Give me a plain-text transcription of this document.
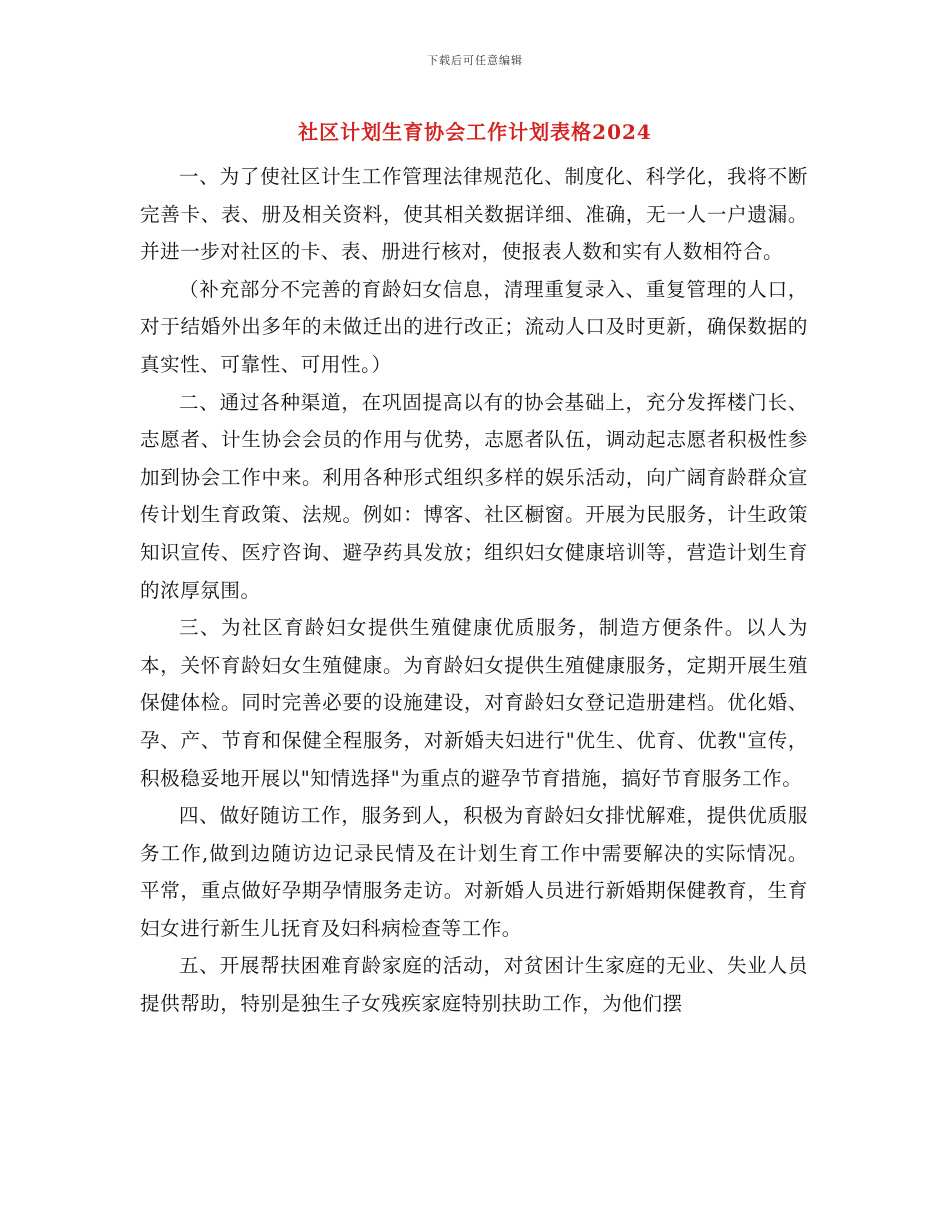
下载后可任意编辑
社区计划生育协会工作计划表格2024

一、为了使社区计生工作管理法律规范化、制度化、科学化，我将不断完善卡、表、册及相关资料，使其相关数据详细、准确，无一人一户遗漏。并进一步对社区的卡、表、册进行核对，使报表人数和实有人数相符合。

（补充部分不完善的育龄妇女信息，清理重复录入、重复管理的人口，对于结婚外出多年的未做迁出的进行改正；流动人口及时更新，确保数据的真实性、可靠性、可用性。）

二、通过各种渠道，在巩固提高以有的协会基础上，充分发挥楼门长、志愿者、计生协会会员的作用与优势，志愿者队伍，调动起志愿者积极性参加到协会工作中来。利用各种形式组织多样的娱乐活动，向广阔育龄群众宣传计划生育政策、法规。例如：博客、社区橱窗。开展为民服务，计生政策知识宣传、医疗咨询、避孕药具发放；组织妇女健康培训等，营造计划生育的浓厚氛围。

三、为社区育龄妇女提供生殖健康优质服务，制造方便条件。以人为本，关怀育龄妇女生殖健康。为育龄妇女提供生殖健康服务，定期开展生殖保健体检。同时完善必要的设施建设，对育龄妇女登记造册建档。优化婚、孕、产、节育和保健全程服务，对新婚夫妇进行"优生、优育、优教"宣传，积极稳妥地开展以"知情选择"为重点的避孕节育措施，搞好节育服务工作。

四、做好随访工作，服务到人，积极为育龄妇女排忧解难，提供优质服务工作,做到边随访边记录民情及在计划生育工作中需要解决的实际情况。平常，重点做好孕期孕情服务走访。对新婚人员进行新婚期保健教育，生育妇女进行新生儿抚育及妇科病检查等工作。

五、开展帮扶困难育龄家庭的活动，对贫困计生家庭的无业、失业人员提供帮助，特别是独生子女残疾家庭特别扶助工作，为他们摆
